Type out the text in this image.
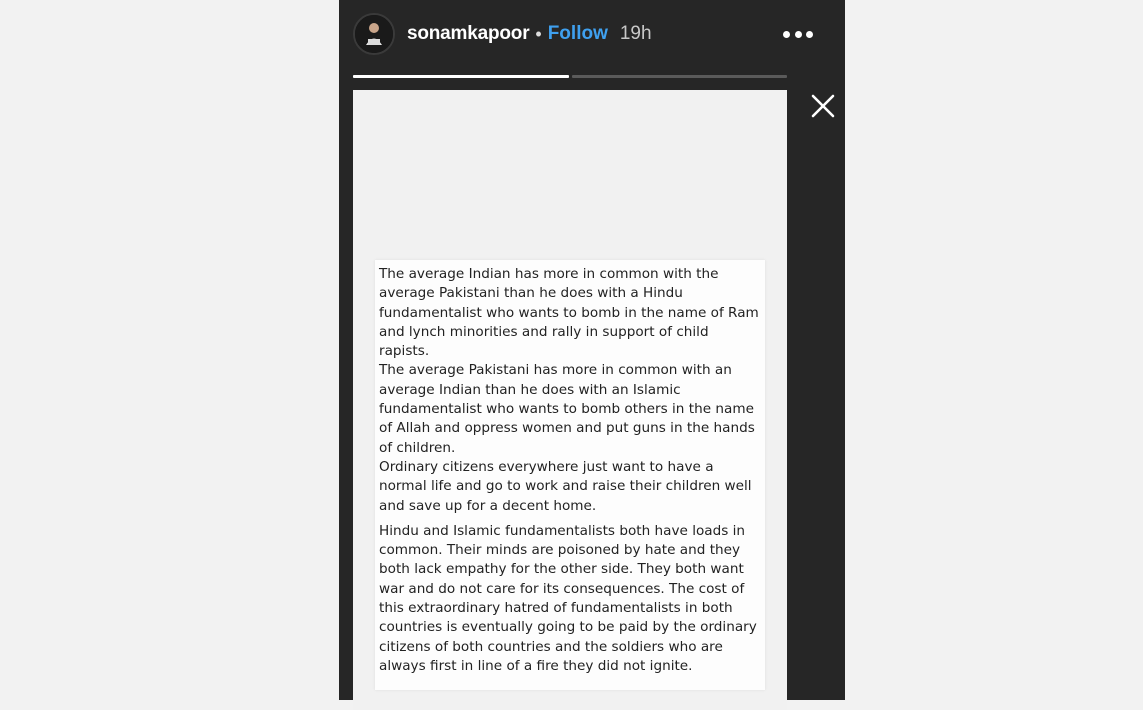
sonamkapoor • Follow 19h

The average Indian has more in common with the average Pakistani than he does with a Hindu fundamentalist who wants to bomb in the name of Ram and lynch minorities and rally in support of child rapists.

The average Pakistani has more in common with an average Indian than he does with an Islamic fundamentalist who wants to bomb others in the name of Allah and oppress women and put guns in the hands of children.

Ordinary citizens everywhere just want to have a normal life and go to work and raise their children well and save up for a decent home.

Hindu and Islamic fundamentalists both have loads in common. Their minds are poisoned by hate and they both lack empathy for the other side. They both want war and do not care for its consequences. The cost of this extraordinary hatred of fundamentalists in both countries is eventually going to be paid by the ordinary citizens of both countries and the soldiers who are always first in line of a fire they did not ignite.
